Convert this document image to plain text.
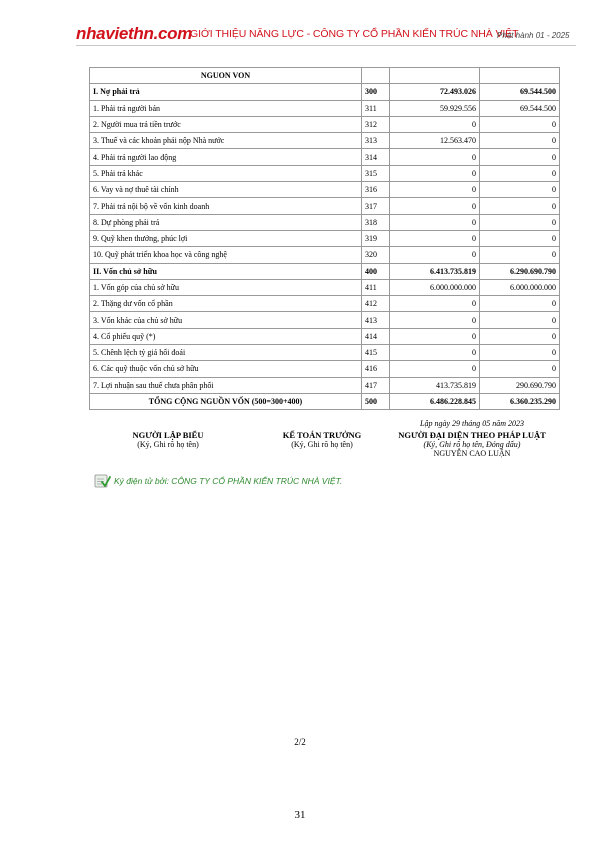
nhaviethn.com
GIỚI THIỆU NĂNG LỰC - CÔNG TY CỔ PHẦN KIẾN TRÚC NHÀ VIỆT
Phát hành 01 - 2025
NGUON VON			
I. Nợ phải trả	300	72.493.026	69.544.500
1. Phải trả người bán	311	59.929.556	69.544.500
2. Người mua trả tiền trước	312	0	0
3. Thuế và các khoản phải nộp Nhà nước	313	12.563.470	0
4. Phải trả người lao động	314	0	0
5. Phải trả khác	315	0	0
6. Vay và nợ thuê tài chính	316	0	0
7. Phải trả nội bộ về vốn kinh doanh	317	0	0
8. Dự phòng phải trả	318	0	0
9. Quỹ khen thưởng, phúc lợi	319	0	0
10. Quỹ phát triển khoa học và công nghệ	320	0	0
II. Vốn chủ sở hữu	400	6.413.735.819	6.290.690.790
1. Vốn góp của chủ sở hữu	411	6.000.000.000	6.000.000.000
2. Thặng dư vốn cổ phần	412	0	0
3. Vốn khác của chủ sở hữu	413	0	0
4. Cổ phiếu quỹ (*)	414	0	0
5. Chênh lệch tỷ giá hối đoái	415	0	0
6. Các quỹ thuộc vốn chủ sở hữu	416	0	0
7. Lợi nhuận sau thuế chưa phân phối	417	413.735.819	290.690.790
TỔNG CỘNG NGUỒN VỐN (500=300+400)	500	6.486.228.845	6.360.235.290
Lập ngày 29 tháng 05 năm 2023
NGƯỜI LẬP BIỂU
(Ký, Ghi rõ họ tên)
KẾ TOÁN TRƯỞNG
(Ký, Ghi rõ họ tên)
NGƯỜI ĐẠI DIỆN THEO PHÁP LUẬT
(Ký, Ghi rõ họ tên, Đóng dấu)
NGUYỄN CAO LUẬN
Ký điện tử bởi: CÔNG TY CỔ PHẦN KIẾN TRÚC NHÀ VIỆT.
2/2
31
